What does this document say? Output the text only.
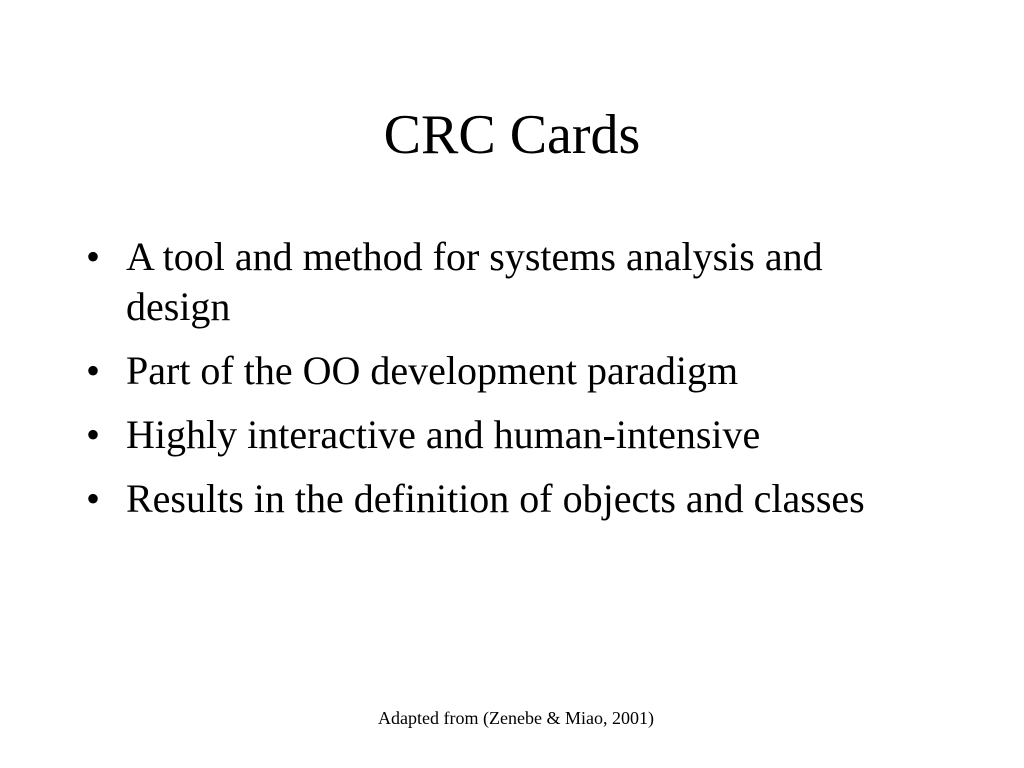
CRC Cards
• A tool and method for systems analysis and design
• Part of the OO development paradigm
• Highly interactive and human-intensive
• Results in the definition of objects and classes
Adapted from (Zenebe & Miao, 2001)
